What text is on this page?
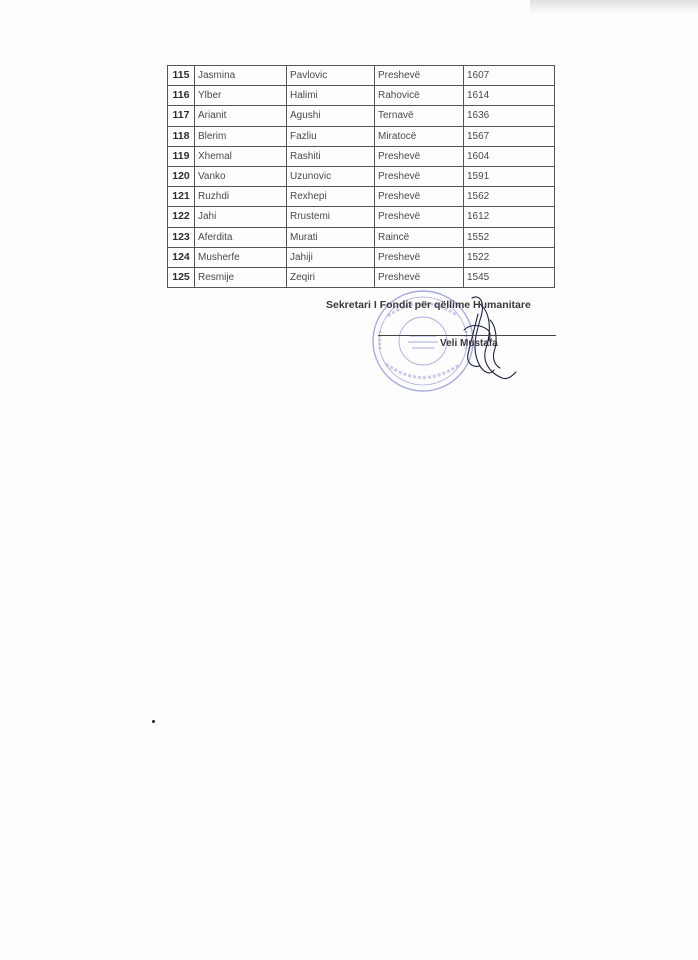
115	Jasmina	Pavlovic	Preshevë	1607
116	Ylber	Halimi	Rahovicë	1614
117	Arianit	Agushi	Ternavë	1636
118	Blerim	Fazliu	Miratocë	1567
119	Xhemal	Rashiti	Preshevë	1604
120	Vanko	Uzunovic	Preshevë	1591
121	Ruzhdi	Rexhepi	Preshevë	1562
122	Jahi	Rrustemi	Preshevë	1612
123	Aferdita	Murati	Raincë	1552
124	Musherfe	Jahiji	Preshevë	1522
125	Resmije	Zeqiri	Preshevë	1545
Sekretari I Fondit për qëllime Humanitare
Veli Mustafa
